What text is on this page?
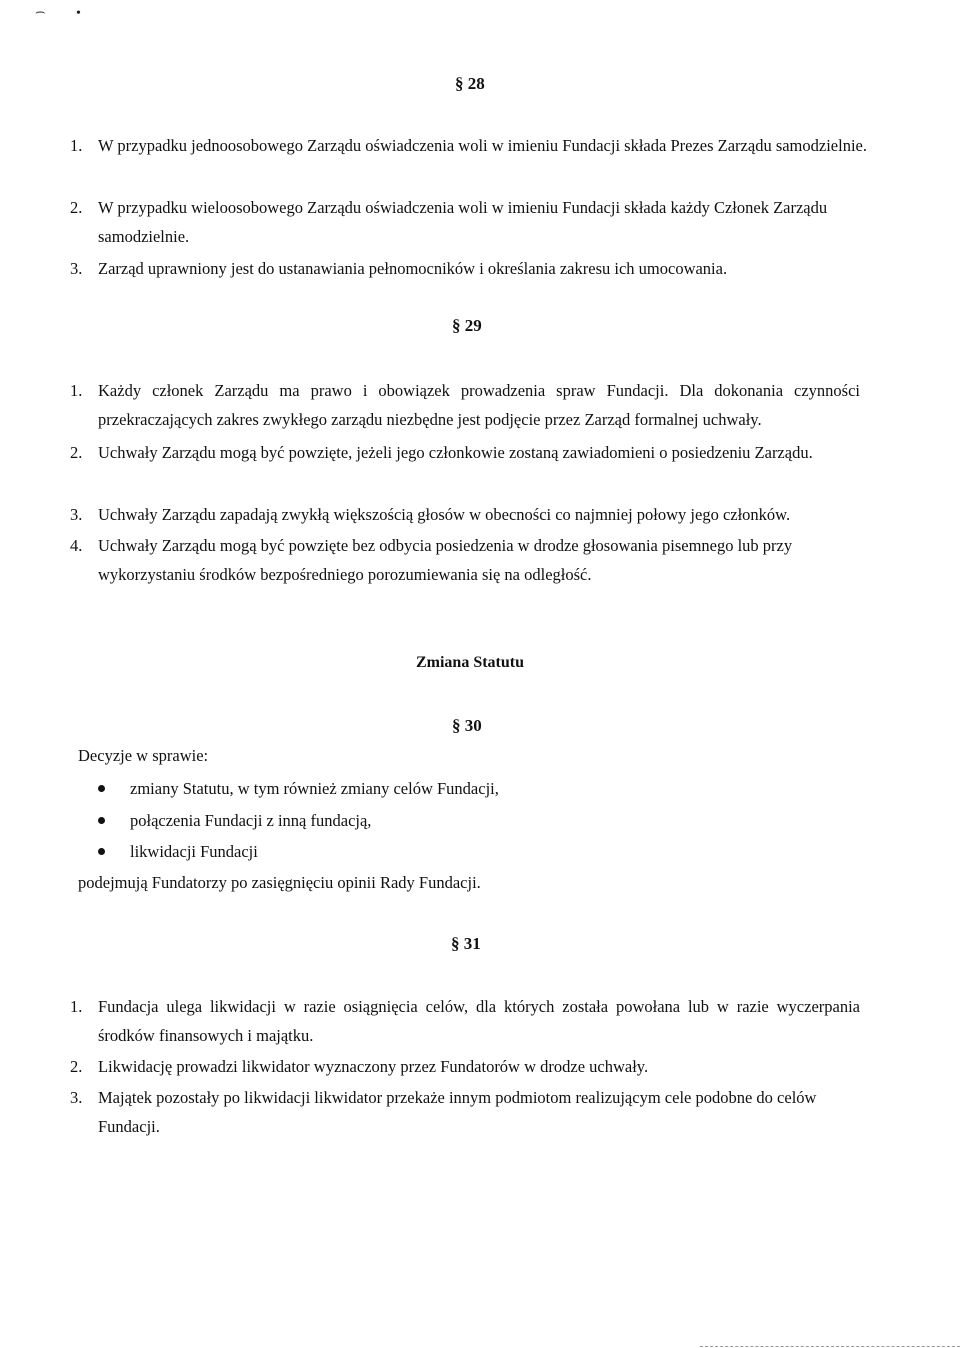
•
§ 28
1. W przypadku jednoosobowego Zarządu oświadczenia woli w imieniu Fundacji składa Prezes Zarządu samodzielnie.
2. W przypadku wieloosobowego Zarządu oświadczenia woli w imieniu Fundacji składa każdy Członek Zarządu samodzielnie.
3. Zarząd uprawniony jest do ustanawiania pełnomocników i określania zakresu ich umocowania.
§ 29
1. Każdy członek Zarządu ma prawo i obowiązek prowadzenia spraw Fundacji. Dla dokonania czynności przekraczających zakres zwykłego zarządu niezbędne jest podjęcie przez Zarząd formalnej uchwały.
2. Uchwały Zarządu mogą być powzięte, jeżeli jego członkowie zostaną zawiadomieni o posiedzeniu Zarządu.
3. Uchwały Zarządu zapadają zwykłą większością głosów w obecności co najmniej połowy jego członków.
4. Uchwały Zarządu mogą być powzięte bez odbycia posiedzenia w drodze głosowania pisemnego lub przy wykorzystaniu środków bezpośredniego porozumiewania się na odległość.
Zmiana Statutu
§ 30
Decyzje w sprawie:
zmiany Statutu, w tym również zmiany celów Fundacji,
połączenia Fundacji z inną fundacją,
likwidacji Fundacji
podejmują Fundatorzy po zasięgnięciu opinii Rady Fundacji.
§ 31
1. Fundacja ulega likwidacji w razie osiągnięcia celów, dla których została powołana lub w razie wyczerpania środków finansowych i majątku.
2. Likwidację prowadzi likwidator wyznaczony przez Fundatorów w drodze uchwały.
3. Majątek pozostały po likwidacji likwidator przekaże innym podmiotom realizującym cele podobne do celów Fundacji.
